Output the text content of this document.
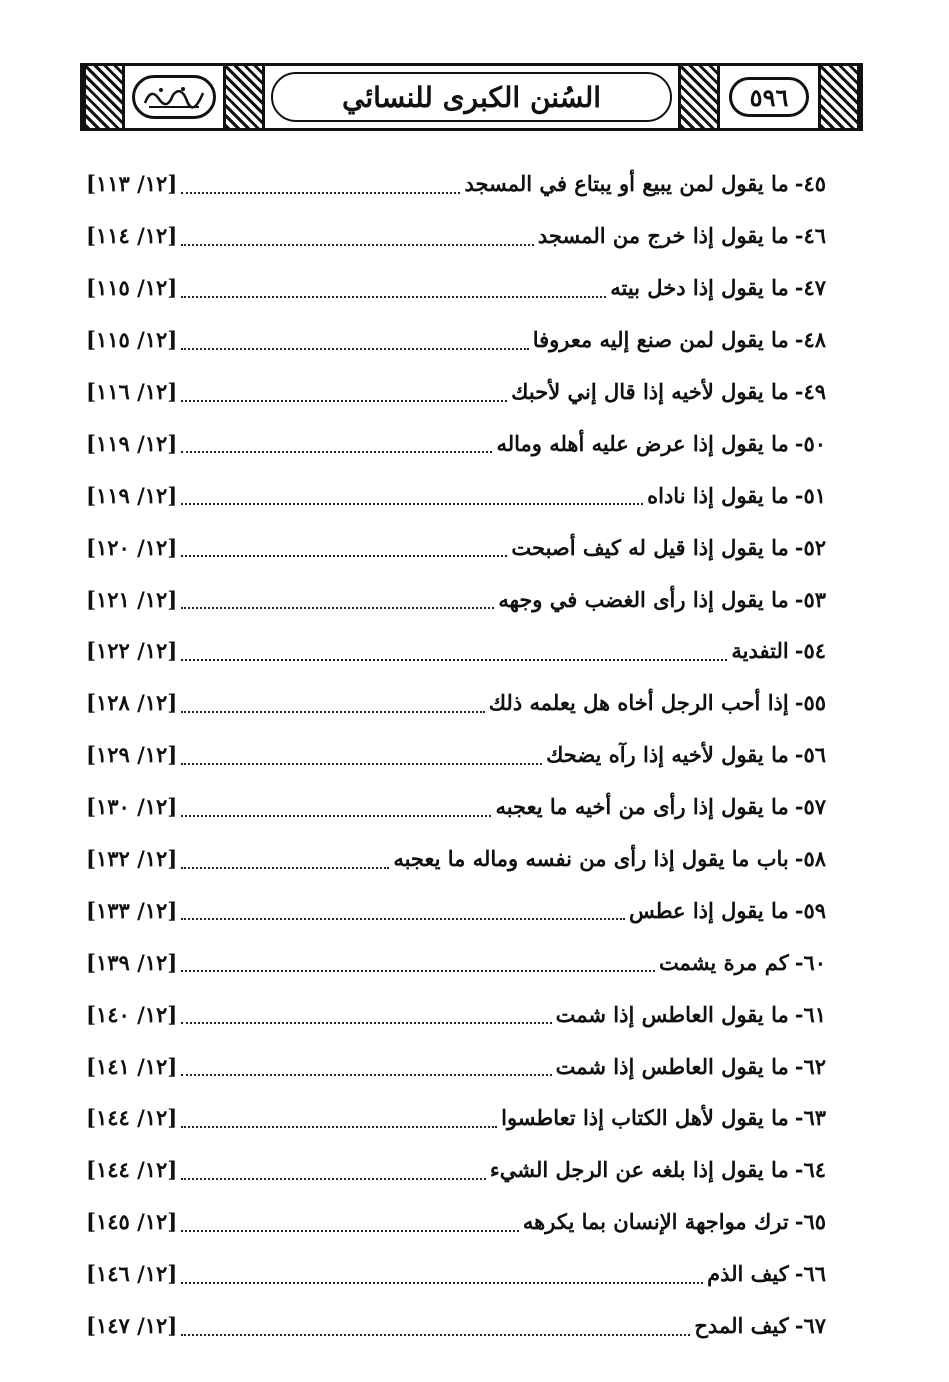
السُنن الكبرى للنسائي	٥٩٦
٤٥-
ما يقول لمن يبيع أو يبتاع في المسجد
[١٢/ ١١٣]
٤٦-
ما يقول إذا خرج من المسجد
[١٢/ ١١٤]
٤٧-
ما يقول إذا دخل بيته
[١٢/ ١١٥]
٤٨-
ما يقول لمن صنع إليه معروفا
[١٢/ ١١٥]
٤٩-
ما يقول لأخيه إذا قال إني لأحبك
[١٢/ ١١٦]
٥٠-
ما يقول إذا عرض عليه أهله وماله
[١٢/ ١١٩]
٥١-
ما يقول إذا ناداه
[١٢/ ١١٩]
٥٢-
ما يقول إذا قيل له كيف أصبحت
[١٢/ ١٢٠]
٥٣-
ما يقول إذا رأى الغضب في وجهه
[١٢/ ١٢١]
٥٤-
التفدية
[١٢/ ١٢٢]
٥٥-
إذا أحب الرجل أخاه هل يعلمه ذلك
[١٢/ ١٢٨]
٥٦-
ما يقول لأخيه إذا رآه يضحك
[١٢/ ١٢٩]
٥٧-
ما يقول إذا رأى من أخيه ما يعجبه
[١٢/ ١٣٠]
٥٨-
باب ما يقول إذا رأى من نفسه وماله ما يعجبه
[١٢/ ١٣٢]
٥٩-
ما يقول إذا عطس
[١٢/ ١٣٣]
٦٠-
كم مرة يشمت
[١٢/ ١٣٩]
٦١-
ما يقول العاطس إذا شمت
[١٢/ ١٤٠]
٦٢-
ما يقول العاطس إذا شمت
[١٢/ ١٤١]
٦٣-
ما يقول لأهل الكتاب إذا تعاطسوا
[١٢/ ١٤٤]
٦٤-
ما يقول إذا بلغه عن الرجل الشيء
[١٢/ ١٤٤]
٦٥-
ترك مواجهة الإنسان بما يكرهه
[١٢/ ١٤٥]
٦٦-
كيف الذم
[١٢/ ١٤٦]
٦٧-
كيف المدح
[١٢/ ١٤٧]
